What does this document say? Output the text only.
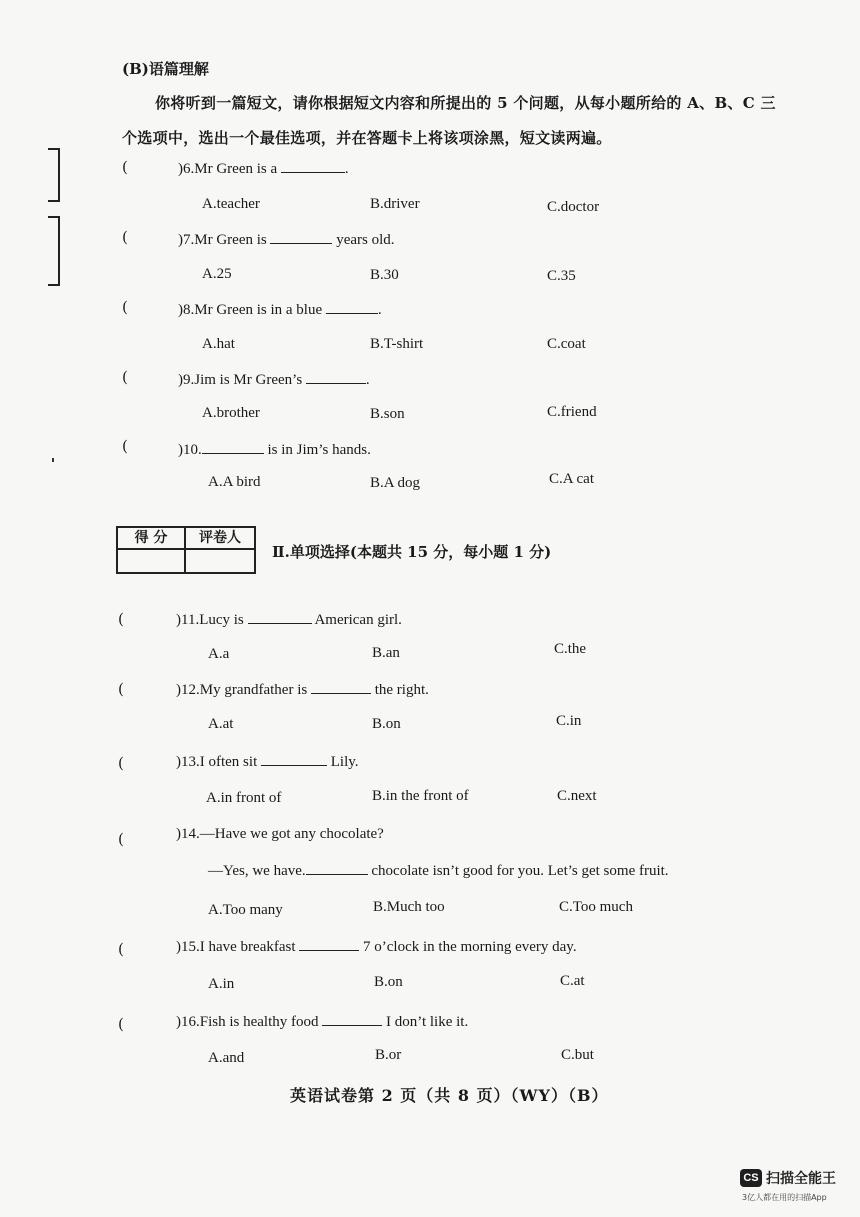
(B)语篇理解
你将听到一篇短文，请你根据短文内容和所提出的 5 个问题，从每小题所给的 A、B、C 三
个选项中，选出一个最佳选项，并在答题卡上将该项涂黑，短文读两遍。
(	)6.Mr Green is a	.
A.teacher	B.driver	C.doctor
(	)7.Mr Green is	years old.
A.25	B.30	C.35
(	)8.Mr Green is in a blue	.
A.hat	B.T-shirt	C.coat
(	)9.Jim is Mr Green’s	.
A.brother	B.son	C.friend
(	)10.	is in Jim’s hands.
A.A bird	B.A dog	C.A cat
得 分	评卷人
Ⅱ.单项选择(本题共 15 分，每小题 1 分)
(	)11.Lucy is	American girl.
A.a	B.an	C.the
(	)12.My grandfather is	the right.
A.at	B.on	C.in
(	)13.I often sit	Lily.
A.in front of	B.in the front of	C.next
(	)14.—Have we got any chocolate?
—Yes, we have.	chocolate isn’t good for you. Let’s get some fruit.
A.Too many	B.Much too	C.Too much
(	)15.I have breakfast	7 o’clock in the morning every day.
A.in	B.on	C.at
(	)16.Fish is healthy food	I don’t like it.
A.and	B.or	C.but
英语试卷第 2 页（共 8 页）（WY）（B）
CS 扫描全能王
3亿人都在用的扫描App
